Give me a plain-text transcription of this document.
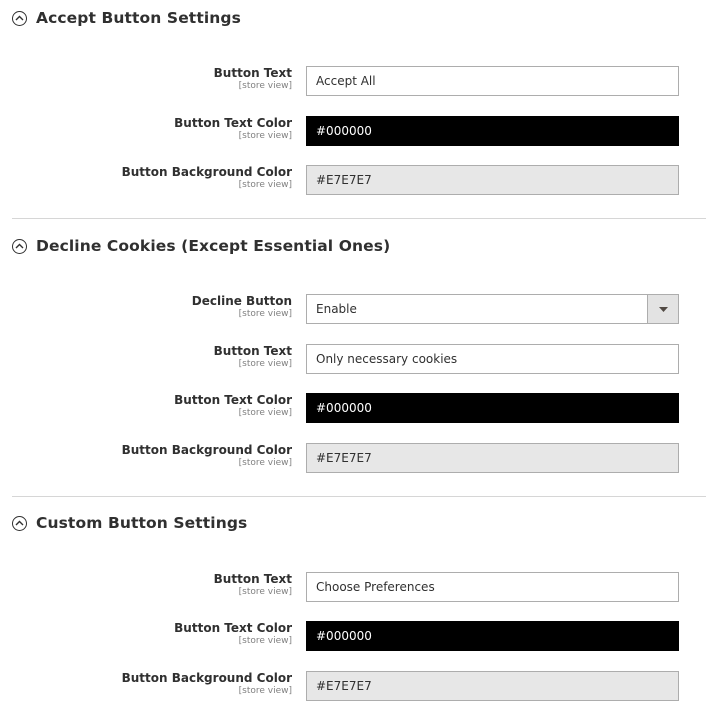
Accept Button Settings
Button Text
[store view]
Accept All
Button Text Color
[store view]
#000000
Button Background Color
[store view]
#E7E7E7
Decline Cookies (Except Essential Ones)
Decline Button
[store view] Enable
Button Text
[store view]
Only necessary cookies
Button Text Color
[store view]
#000000
Button Background Color
[store view]
#E7E7E7
Custom Button Settings
Button Text
[store view]
Choose Preferences
Button Text Color
[store view]
#000000
Button Background Color
[store view]
#E7E7E7
